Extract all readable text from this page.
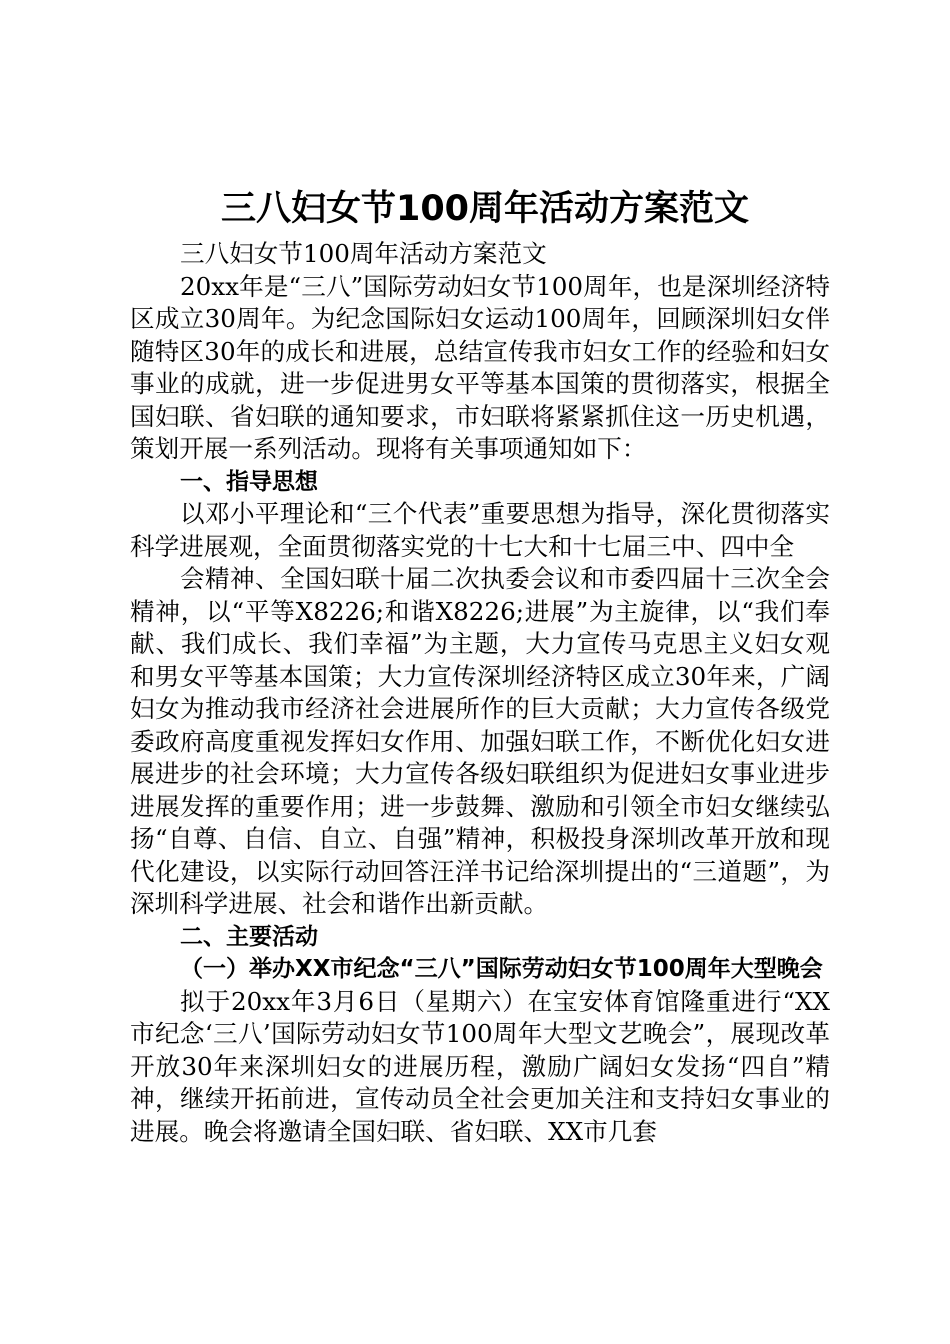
三八妇女节100周年活动方案范文

三八妇女节100周年活动方案范文

20xx年是“三八”国际劳动妇女节100周年，也是深圳经济特区成立30周年。为纪念国际妇女运动100周年，回顾深圳妇女伴随特区30年的成长和进展，总结宣传我市妇女工作的经验和妇女事业的成就，进一步促进男女平等基本国策的贯彻落实，根据全国妇联、省妇联的通知要求，市妇联将紧紧抓住这一历史机遇，策划开展一系列活动。现将有关事项通知如下：

一、指导思想

以邓小平理论和“三个代表”重要思想为指导，深化贯彻落实科学进展观，全面贯彻落实党的十七大和十七届三中、四中全

会精神、全国妇联十届二次执委会议和市委四届十三次全会精神，以“平等X8226;和谐X8226;进展”为主旋律，以“我们奉献、我们成长、我们幸福”为主题，大力宣传马克思主义妇女观和男女平等基本国策；大力宣传深圳经济特区成立30年来，广阔妇女为推动我市经济社会进展所作的巨大贡献；大力宣传各级党委政府高度重视发挥妇女作用、加强妇联工作，不断优化妇女进展进步的社会环境；大力宣传各级妇联组织为促进妇女事业进步进展发挥的重要作用；进一步鼓舞、激励和引领全市妇女继续弘扬“自尊、自信、自立、自强”精神，积极投身深圳改革开放和现代化建设，以实际行动回答汪洋书记给深圳提出的“三道题”，为深圳科学进展、社会和谐作出新贡献。

二、主要活动

（一）举办XX市纪念“三八”国际劳动妇女节100周年大型晚会

拟于20xx年3月6日（星期六）在宝安体育馆隆重进行“XX市纪念‘三八’国际劳动妇女节100周年大型文艺晚会”，展现改革开放30年来深圳妇女的进展历程，激励广阔妇女发扬“四自”精神，继续开拓前进，宣传动员全社会更加关注和支持妇女事业的进展。晚会将邀请全国妇联、省妇联、XX市几套
